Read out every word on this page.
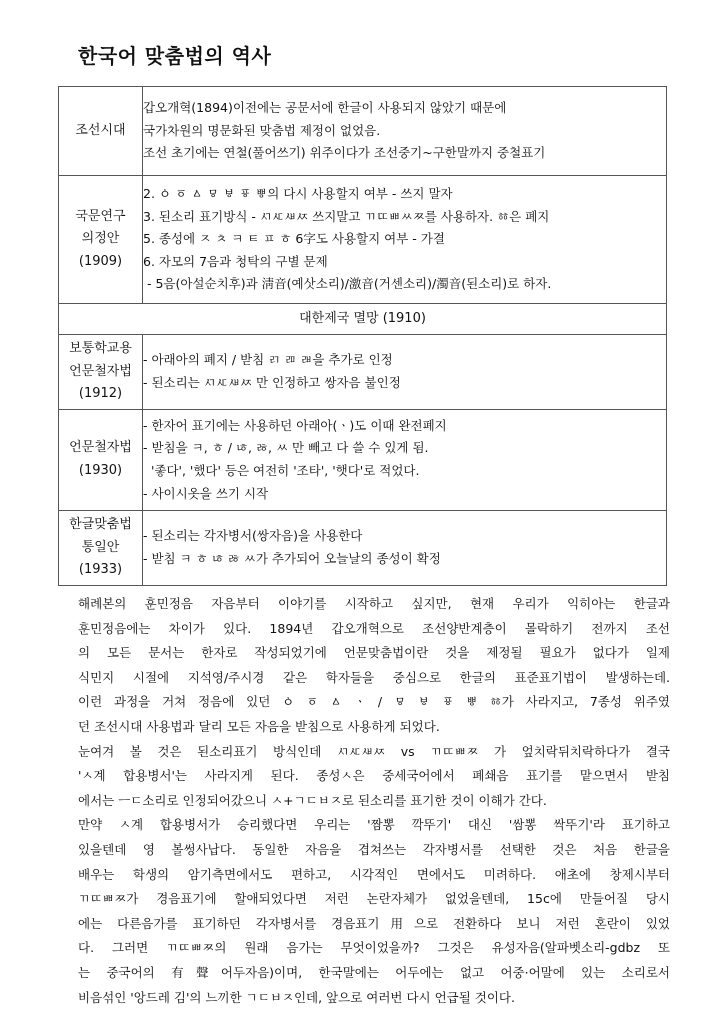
한국어 맞춤법의 역사
조선시대	갑오개혁(1894)이전에는 공문서에 한글이 사용되지 않았기 때문에
국가차원의 명문화된 맞춤법 제정이 없었음.
조선 초기에는 연철(풀어쓰기) 위주이다가 조선중기~구한말까지 중철표기

국문연구
의정안
(1909)	2. ㆁ ㆆ ㅿ ㅱ ㅸ ㆄ ㅹ의 다시 사용할지 여부 - 쓰지 말자
3. 된소리 표기방식 - ㅺㅼㅽㅾ 쓰지말고 ㄲㄸㅃㅆㅉ를 사용하자. ㆅ은 폐지
5. 종성에 ㅈ ㅊ ㅋ ㅌ ㅍ ㅎ 6字도 사용할지 여부 - 가결
6. 자모의 7음과 청탁의 구별 문제
- 5음(아설순치후)과 淸音(예삿소리)/激音(거센소리)/濁音(된소리)로 하자.

대한제국 멸망 (1910)	

보통학교용
언문철자법
(1912)	- 아래아의 폐지 / 받침 ㄺ ㄻ ㄼ을 추가로 인정
- 된소리는 ㅺㅼㅽㅾ 만 인정하고 쌍자음 불인정

언문철자법
(1930)	- 한자어 표기에는 사용하던 아래아(ㆍ)도 이때 완전폐지
- 받침을 ㅋ, ㅎ / ㄶ, ㅀ, ㅆ 만 빼고 다 쓸 수 있게 됨.
'좋다', '했다' 등은 여전히 '조타', '햇다'로 적었다.
- 사이시옷을 쓰기 시작

한글맞춤법
통일안
(1933)	- 된소리는 각자병서(쌍자음)을 사용한다
- 받침 ㅋ ㅎ ㄶ ㅀ ㅆ가 추가되어 오늘날의 종성이 확정
해례본의 훈민정음 자음부터 이야기를 시작하고 싶지만, 현재 우리가 익히아는 한글과
훈민정음에는 차이가 있다. 1894년 갑오개혁으로 조선양반계층이 몰락하기 전까지 조선
의 모든 문서는 한자로 작성되었기에 언문맞춤법이란 것을 제정될 필요가 없다가 일제
식민지 시절에 지석영/주시경 같은 학자들을 중심으로 한글의 표준표기법이 발생하는데.
이런 과정을 거쳐 정음에 있던 ㆁ ㆆ ㅿ ㆍ / ㅱ ㅸ ㆄ ㅹ ㆅ가 사라지고, 7종성 위주였
던 조선시대 사용법과 달리 모든 자음을 받침으로 사용하게 되었다.
눈여겨 볼 것은 된소리표기 방식인데 ㅺㅼㅽㅾ vs ㄲㄸㅃㅉ 가 엎치락뒤치락하다가 결국
'ㅅ계 합용병서'는 사라지게 된다. 종성ㅅ은 중세국어에서 폐쇄음 표기를 맡으면서 받침
에서는 ㅡㄷ소리로 인정되어갔으니 ㅅ+ㄱㄷㅂㅈ로 된소리를 표기한 것이 이해가 간다.
만약 ㅅ계 합용병서가 승리했다면 우리는 '짬뽕 깍뚜기' 대신 '쌈뽕 싹뚜기'라 표기하고
있을텐데 영 볼썽사납다. 동일한 자음을 겹쳐쓰는 각자병서를 선택한 것은 처음 한글을
배우는 학생의 암기측면에서도 편하고, 시각적인 면에서도 미려하다. 애초에 창제시부터
ㄲㄸㅃㅉ가 경음표기에 할애되었다면 저런 논란자체가 없었을텐데, 15c에 만들어질 당시
에는 다른음가를 표기하던 각자병서를 경음표기用으로 전환하다 보니 저런 혼란이 있었
다. 그러면 ㄲㄸㅃㅉ의 원래 음가는 무엇이었을까? 그것은 유성자음(알파벳소리-gdbz 또
는 중국어의 有聲어두자음)이며, 한국말에는 어두에는 없고 어중·어말에 있는 소리로서
비음섞인 '앙드레 김'의 느끼한 ㄱㄷㅂㅈ인데, 앞으로 여러번 다시 언급될 것이다.
